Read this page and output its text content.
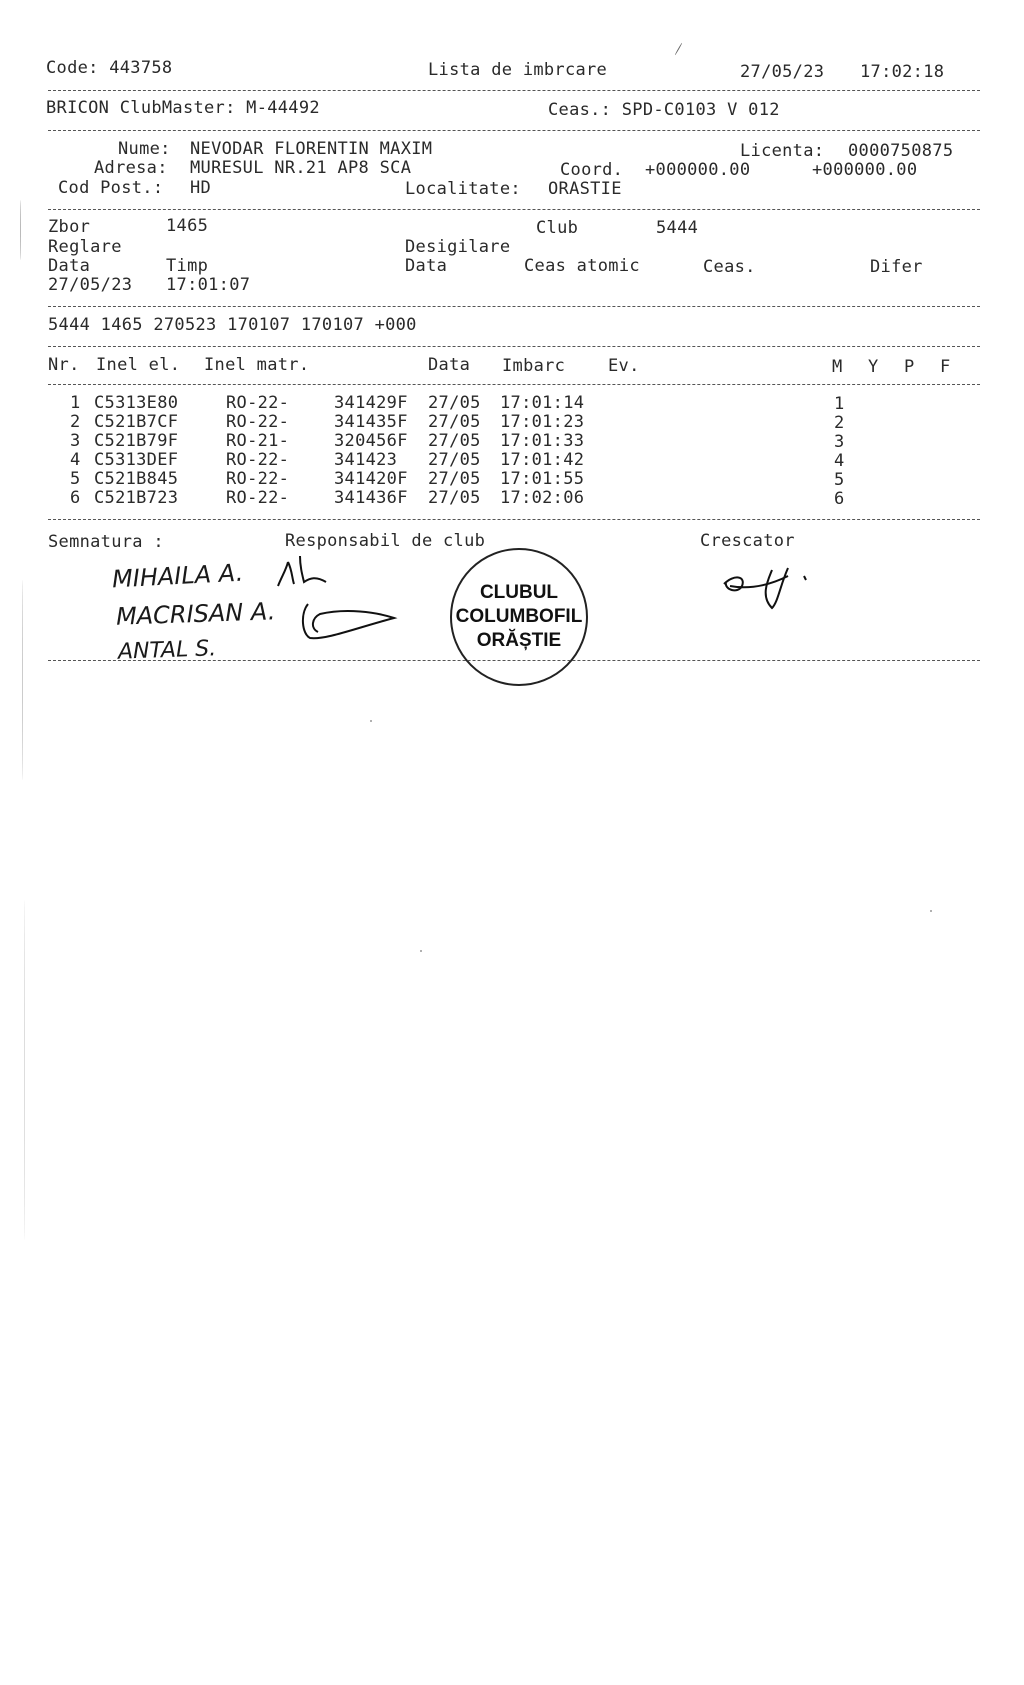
Code: 443758	Lista de imbrcare	27/05/23 17:02:18
BRICON ClubMaster: M-44492	Ceas.: SPD-C0103 V 012
Nume: NEVODAR FLORENTIN MAXIM	Licenta: 0000750875
Adresa: MURESUL NR.21 AP8 SCA	Coord. +000000.00	+000000.00
Cod Post.: HD	Localitate: ORASTIE
Zbor	1465	Club	5444
Reglare	Desigilare
Data	Timp	Data	Ceas atomic	Ceas.	Difer
27/05/23 17:01:07
5444 1465 270523 170107 170107 +000
Nr. Inel el. Inel matr.	Data Imbarc	Ev.	M Y P F
1 C5313E80	RO-22-	341429F 27/05 17:01:14	1
2 C521B7CF	RO-22-	341435F 27/05 17:01:23	2
3 C521B79F	RO-21-	320456F 27/05 17:01:33	3
4 C5313DEF	RO-22-	341423 27/05 17:01:42	4
5 C521B845	RO-22-	341420F 27/05 17:01:55	5
6 C521B723	RO-22-	341436F 27/05 17:02:06	6
Semnatura :	Responsabil de club	Crescator
MIHAILA A.
MACRISAN A.
ANTAL S.
CLUBUL
COLUMBOFIL
ORĂȘTIE
